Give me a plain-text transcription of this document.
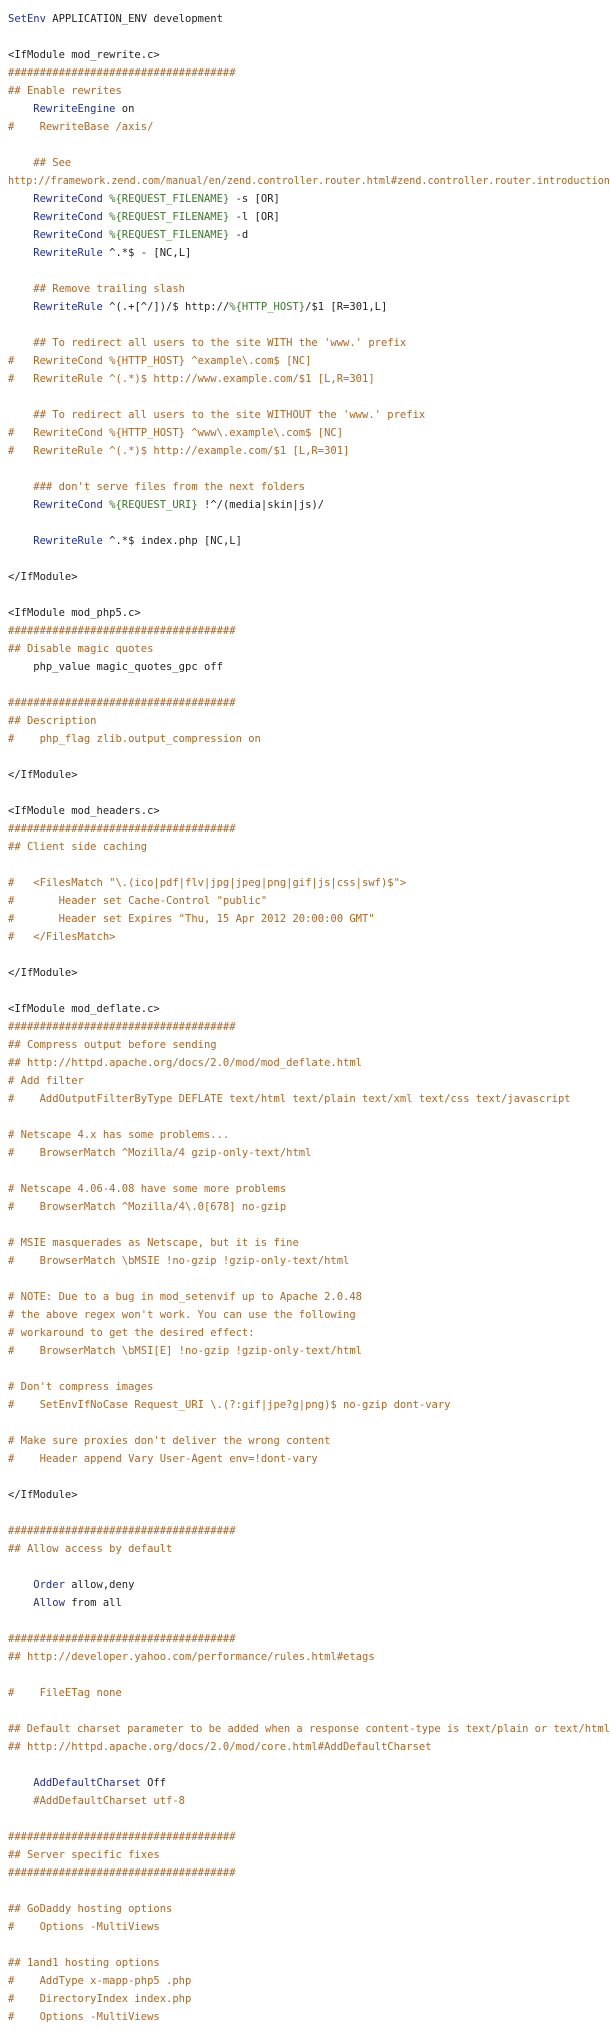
SetEnv APPLICATION_ENV development

<IfModule mod_rewrite.c>
####################################
## Enable rewrites
RewriteEngine on
#    RewriteBase /axis/

## See
http://framework.zend.com/manual/en/zend.controller.router.html#zend.controller.router.introduction
RewriteCond %{REQUEST_FILENAME} -s [OR]
RewriteCond %{REQUEST_FILENAME} -l [OR]
RewriteCond %{REQUEST_FILENAME} -d
RewriteRule ^.*$ - [NC,L]

## Remove trailing slash
RewriteRule ^(.+[^/])/$ http://%{HTTP_HOST}/$1 [R=301,L]

## To redirect all users to the site WITH the 'www.' prefix
#   RewriteCond %{HTTP_HOST} ^example\.com$ [NC]
#   RewriteRule ^(.*)$ http://www.example.com/$1 [L,R=301]

## To redirect all users to the site WITHOUT the 'www.' prefix
#   RewriteCond %{HTTP_HOST} ^www\.example\.com$ [NC]
#   RewriteRule ^(.*)$ http://example.com/$1 [L,R=301]

### don't serve files from the next folders
RewriteCond %{REQUEST_URI} !^/(media|skin|js)/

RewriteRule ^.*$ index.php [NC,L]

</IfModule>

<IfModule mod_php5.c>
####################################
## Disable magic quotes
php_value magic_quotes_gpc off

####################################
## Description
#    php_flag zlib.output_compression on

</IfModule>

<IfModule mod_headers.c>
####################################
## Client side caching

#   <FilesMatch "\.(ico|pdf|flv|jpg|jpeg|png|gif|js|css|swf)$">
#       Header set Cache-Control "public"
#       Header set Expires "Thu, 15 Apr 2012 20:00:00 GMT"
#   </FilesMatch>

</IfModule>

<IfModule mod_deflate.c>
####################################
## Compress output before sending
## http://httpd.apache.org/docs/2.0/mod/mod_deflate.html
# Add filter
#    AddOutputFilterByType DEFLATE text/html text/plain text/xml text/css text/javascript

# Netscape 4.x has some problems...
#    BrowserMatch ^Mozilla/4 gzip-only-text/html

# Netscape 4.06-4.08 have some more problems
#    BrowserMatch ^Mozilla/4\.0[678] no-gzip

# MSIE masquerades as Netscape, but it is fine
#    BrowserMatch \bMSIE !no-gzip !gzip-only-text/html

# NOTE: Due to a bug in mod_setenvif up to Apache 2.0.48
# the above regex won't work. You can use the following
# workaround to get the desired effect:
#    BrowserMatch \bMSI[E] !no-gzip !gzip-only-text/html

# Don't compress images
#    SetEnvIfNoCase Request_URI \.(?:gif|jpe?g|png)$ no-gzip dont-vary

# Make sure proxies don't deliver the wrong content
#    Header append Vary User-Agent env=!dont-vary

</IfModule>

####################################
## Allow access by default

Order allow,deny
Allow from all

####################################
## http://developer.yahoo.com/performance/rules.html#etags

#    FileETag none

## Default charset parameter to be added when a response content-type is text/plain or text/html
## http://httpd.apache.org/docs/2.0/mod/core.html#AddDefaultCharset

AddDefaultCharset Off
#AddDefaultCharset utf-8

####################################
## Server specific fixes
####################################

## GoDaddy hosting options
#    Options -MultiViews

## 1and1 hosting options
#    AddType x-mapp-php5 .php
#    DirectoryIndex index.php
#    Options -MultiViews
